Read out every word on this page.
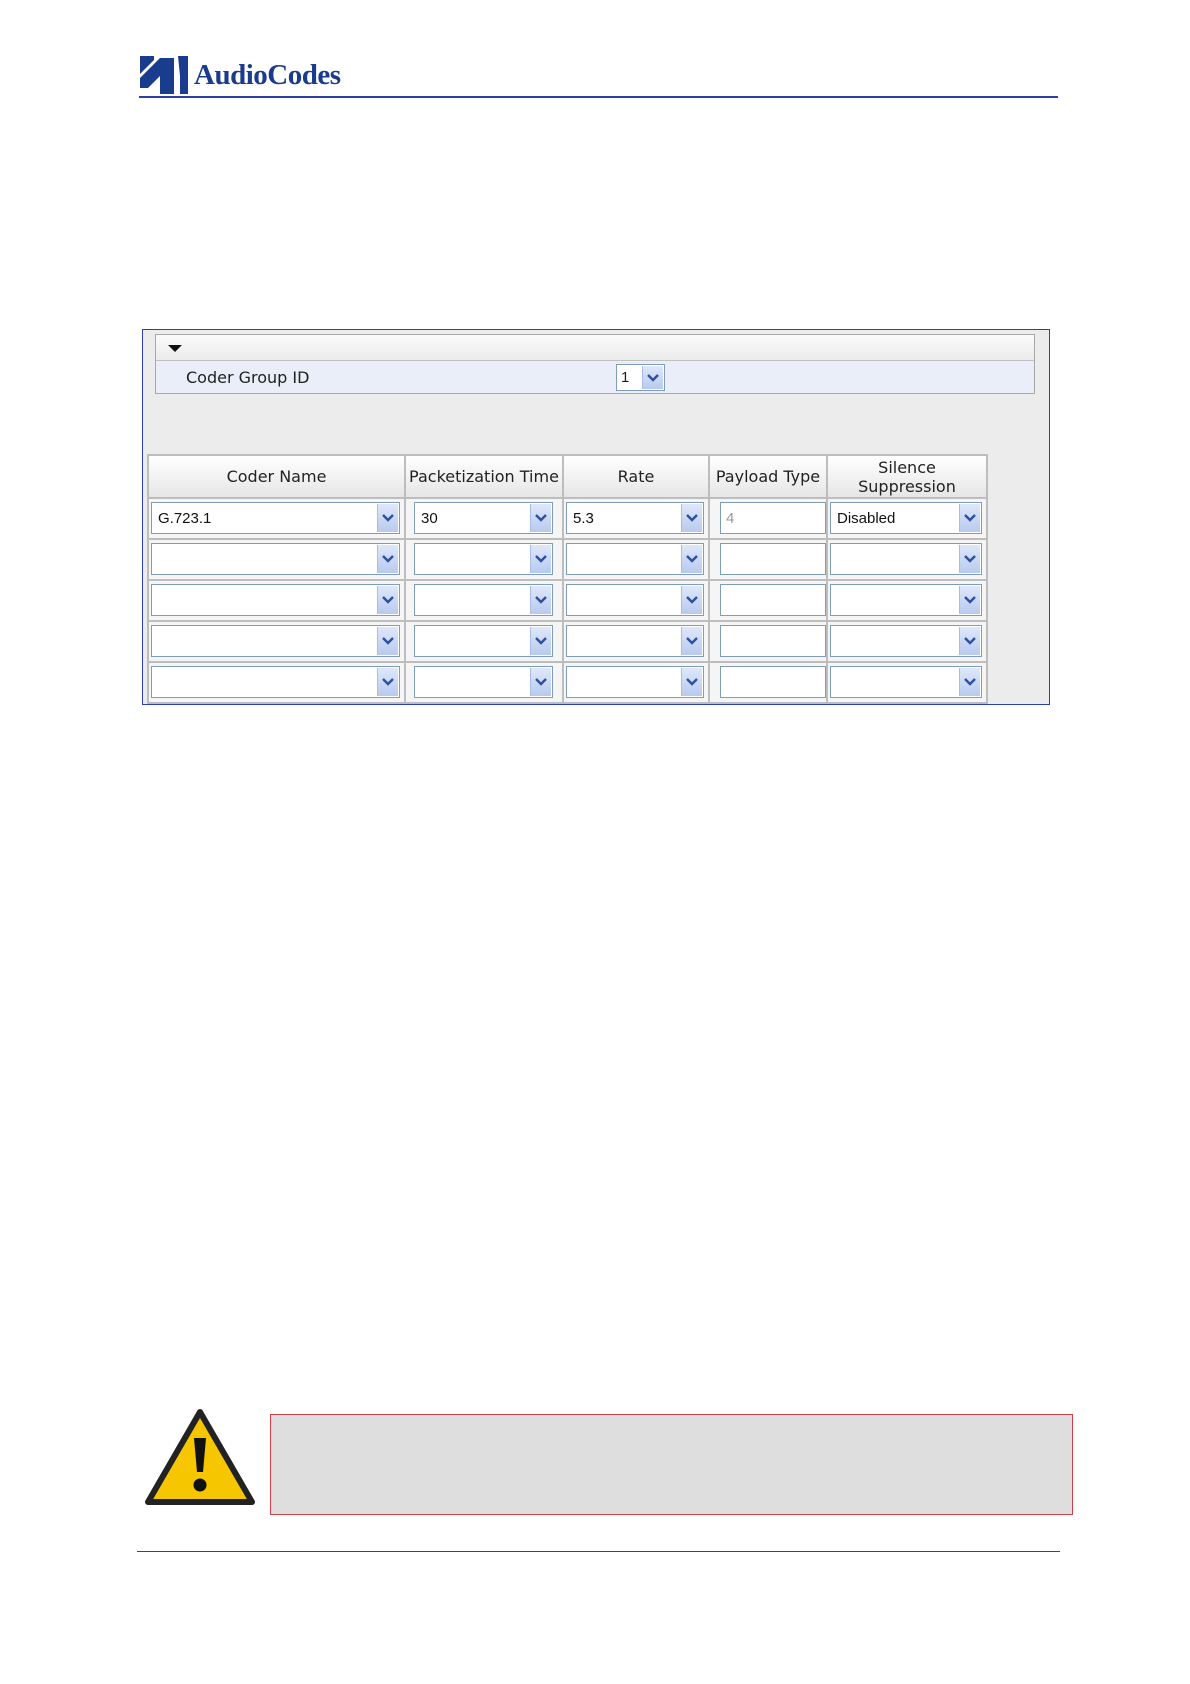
AudioCodes
Coder Group ID	1
Coder Name	Packetization Time	Rate	Payload Type	Silence Suppression

G.723.1	30	5.3	4	Disabled
